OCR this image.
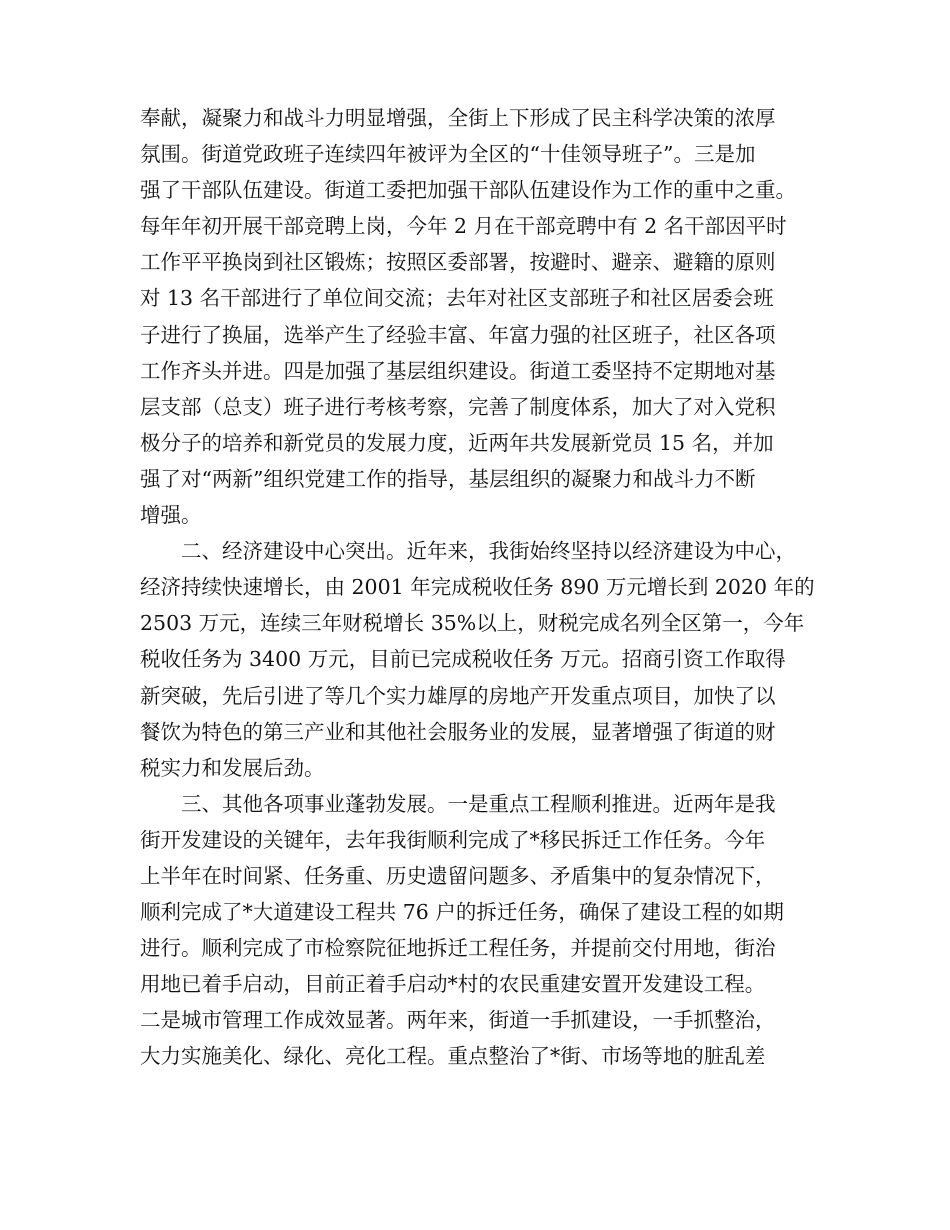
奉献，凝聚力和战斗力明显增强，全街上下形成了民主科学决策的浓厚
氛围。街道党政班子连续四年被评为全区的“十佳领导班子”。三是加
强了干部队伍建设。街道工委把加强干部队伍建设作为工作的重中之重。
每年年初开展干部竞聘上岗，今年 2 月在干部竞聘中有 2 名干部因平时
工作平平换岗到社区锻炼；按照区委部署，按避时、避亲、避籍的原则
对 13 名干部进行了单位间交流；去年对社区支部班子和社区居委会班
子进行了换届，选举产生了经验丰富、年富力强的社区班子，社区各项
工作齐头并进。四是加强了基层组织建设。街道工委坚持不定期地对基
层支部（总支）班子进行考核考察，完善了制度体系，加大了对入党积
极分子的培养和新党员的发展力度，近两年共发展新党员 15 名，并加
强了对“两新”组织党建工作的指导，基层组织的凝聚力和战斗力不断
增强。

　　二、经济建设中心突出。近年来，我街始终坚持以经济建设为中心，
经济持续快速增长，由 2001 年完成税收任务 890 万元增长到 2020 年的
2503 万元，连续三年财税增长 35%以上，财税完成名列全区第一，今年
税收任务为 3400 万元，目前已完成税收任务 万元。招商引资工作取得
新突破，先后引进了等几个实力雄厚的房地产开发重点项目，加快了以
餐饮为特色的第三产业和其他社会服务业的发展，显著增强了街道的财
税实力和发展后劲。

　　三、其他各项事业蓬勃发展。一是重点工程顺利推进。近两年是我
街开发建设的关键年，去年我街顺利完成了*移民拆迁工作任务。今年
上半年在时间紧、任务重、历史遗留问题多、矛盾集中的复杂情况下，
顺利完成了*大道建设工程共 76 户的拆迁任务，确保了建设工程的如期
进行。顺利完成了市检察院征地拆迁工程任务，并提前交付用地，街治
用地已着手启动，目前正着手启动*村的农民重建安置开发建设工程。
二是城市管理工作成效显著。两年来，街道一手抓建设，一手抓整治，
大力实施美化、绿化、亮化工程。重点整治了*街、市场等地的脏乱差
